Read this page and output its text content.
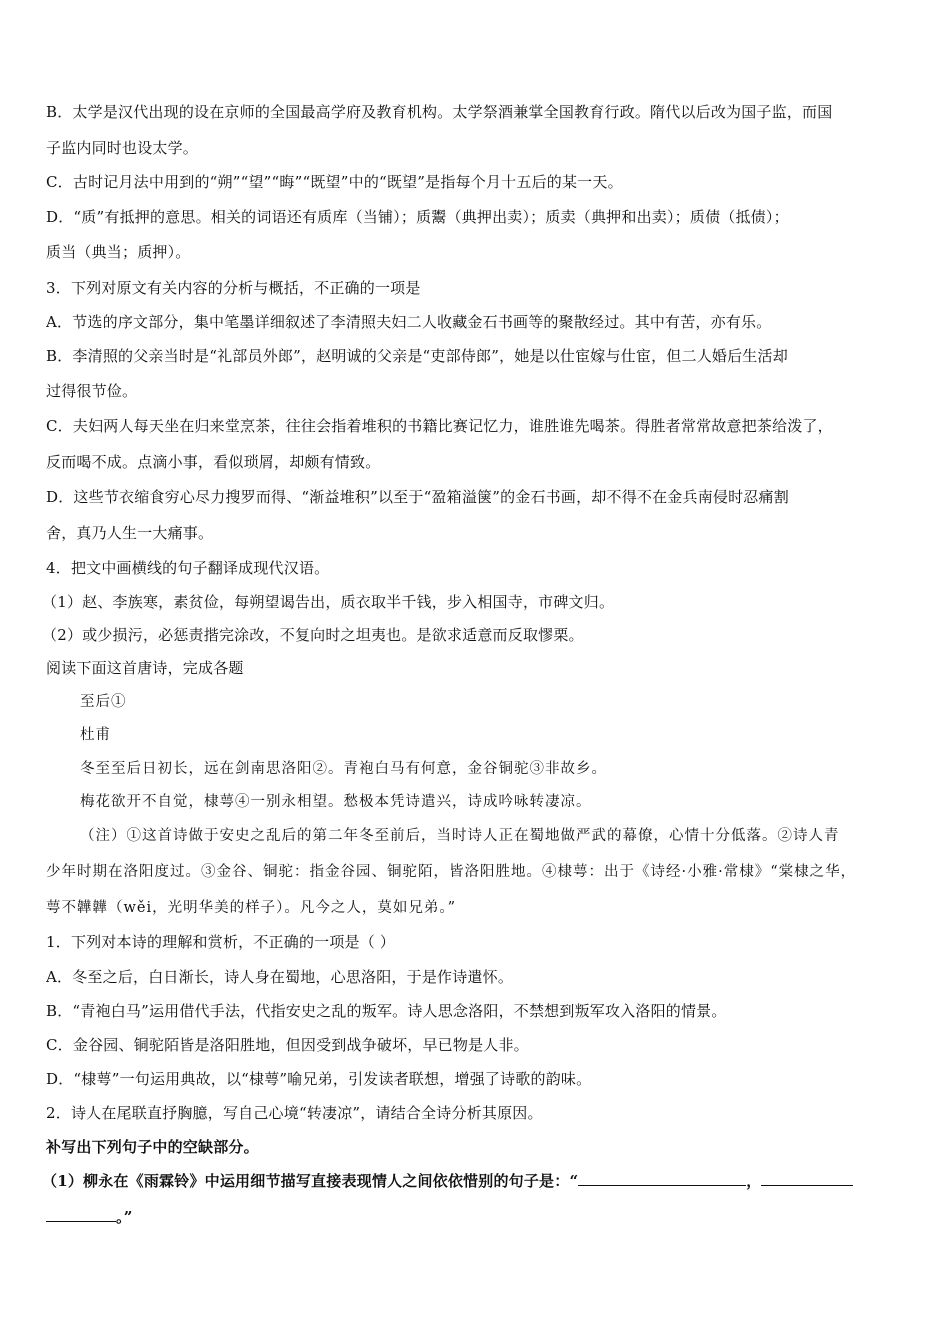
B．太学是汉代出现的设在京师的全国最高学府及教育机构。太学祭酒兼掌全国教育行政。隋代以后改为国子监，而国
子监内同时也设太学。
C．古时记月法中用到的“朔”“望”“晦”“既望”中的“既望”是指每个月十五后的某一天。
D．“质”有抵押的意思。相关的词语还有质库（当铺）；质鬻（典押出卖）；质卖（典押和出卖）；质债（抵债）；
质当（典当；质押）。
3．下列对原文有关内容的分析与概括，不正确的一项是
A．节选的序文部分，集中笔墨详细叙述了李清照夫妇二人收藏金石书画等的聚散经过。其中有苦，亦有乐。
B．李清照的父亲当时是“礼部员外郎”，赵明诚的父亲是“吏部侍郎”，她是以仕宦嫁与仕宦，但二人婚后生活却
过得很节俭。
C．夫妇两人每天坐在归来堂烹茶，往往会指着堆积的书籍比赛记忆力，谁胜谁先喝茶。得胜者常常故意把茶给泼了，
反而喝不成。点滴小事，看似琐屑，却颇有情致。
D．这些节衣缩食穷心尽力搜罗而得、“渐益堆积”以至于“盈箱溢箧”的金石书画，却不得不在金兵南侵时忍痛割
舍，真乃人生一大痛事。
4．把文中画横线的句子翻译成现代汉语。
（1）赵、李族寒，素贫俭，每朔望谒告出，质衣取半千钱，步入相国寺，市碑文归。
（2）或少损污，必惩责揩完涂改，不复向时之坦夷也。是欲求适意而反取憀栗。
阅读下面这首唐诗，完成各题
至后①
杜甫
冬至至后日初长，远在剑南思洛阳②。青袍白马有何意，金谷铜驼③非故乡。
梅花欲开不自觉，棣萼④一别永相望。愁极本凭诗遣兴，诗成吟咏转凄凉。
（注）①这首诗做于安史之乱后的第二年冬至前后，当时诗人正在蜀地做严武的幕僚，心情十分低落。②诗人青
少年时期在洛阳度过。③金谷、铜驼：指金谷园、铜驼陌，皆洛阳胜地。④棣萼：出于《诗经·小雅·常棣》“棠棣之华，
萼不韡韡（wěi，光明华美的样子）。凡今之人，莫如兄弟。”
1．下列对本诗的理解和赏析，不正确的一项是（ ）
A．冬至之后，白日渐长，诗人身在蜀地，心思洛阳，于是作诗遣怀。
B．“青袍白马”运用借代手法，代指安史之乱的叛军。诗人思念洛阳，不禁想到叛军攻入洛阳的情景。
C．金谷园、铜驼陌皆是洛阳胜地，但因受到战争破坏，早已物是人非。
D．“棣萼”一句运用典故，以“棣萼”喻兄弟，引发读者联想，增强了诗歌的韵味。
2．诗人在尾联直抒胸臆，写自己心境“转凄凉”，请结合全诗分析其原因。
补写出下列句子中的空缺部分。
（1）柳永在《雨霖铃》中运用细节描写直接表现情人之间依依惜别的句子是：“	，
。”
